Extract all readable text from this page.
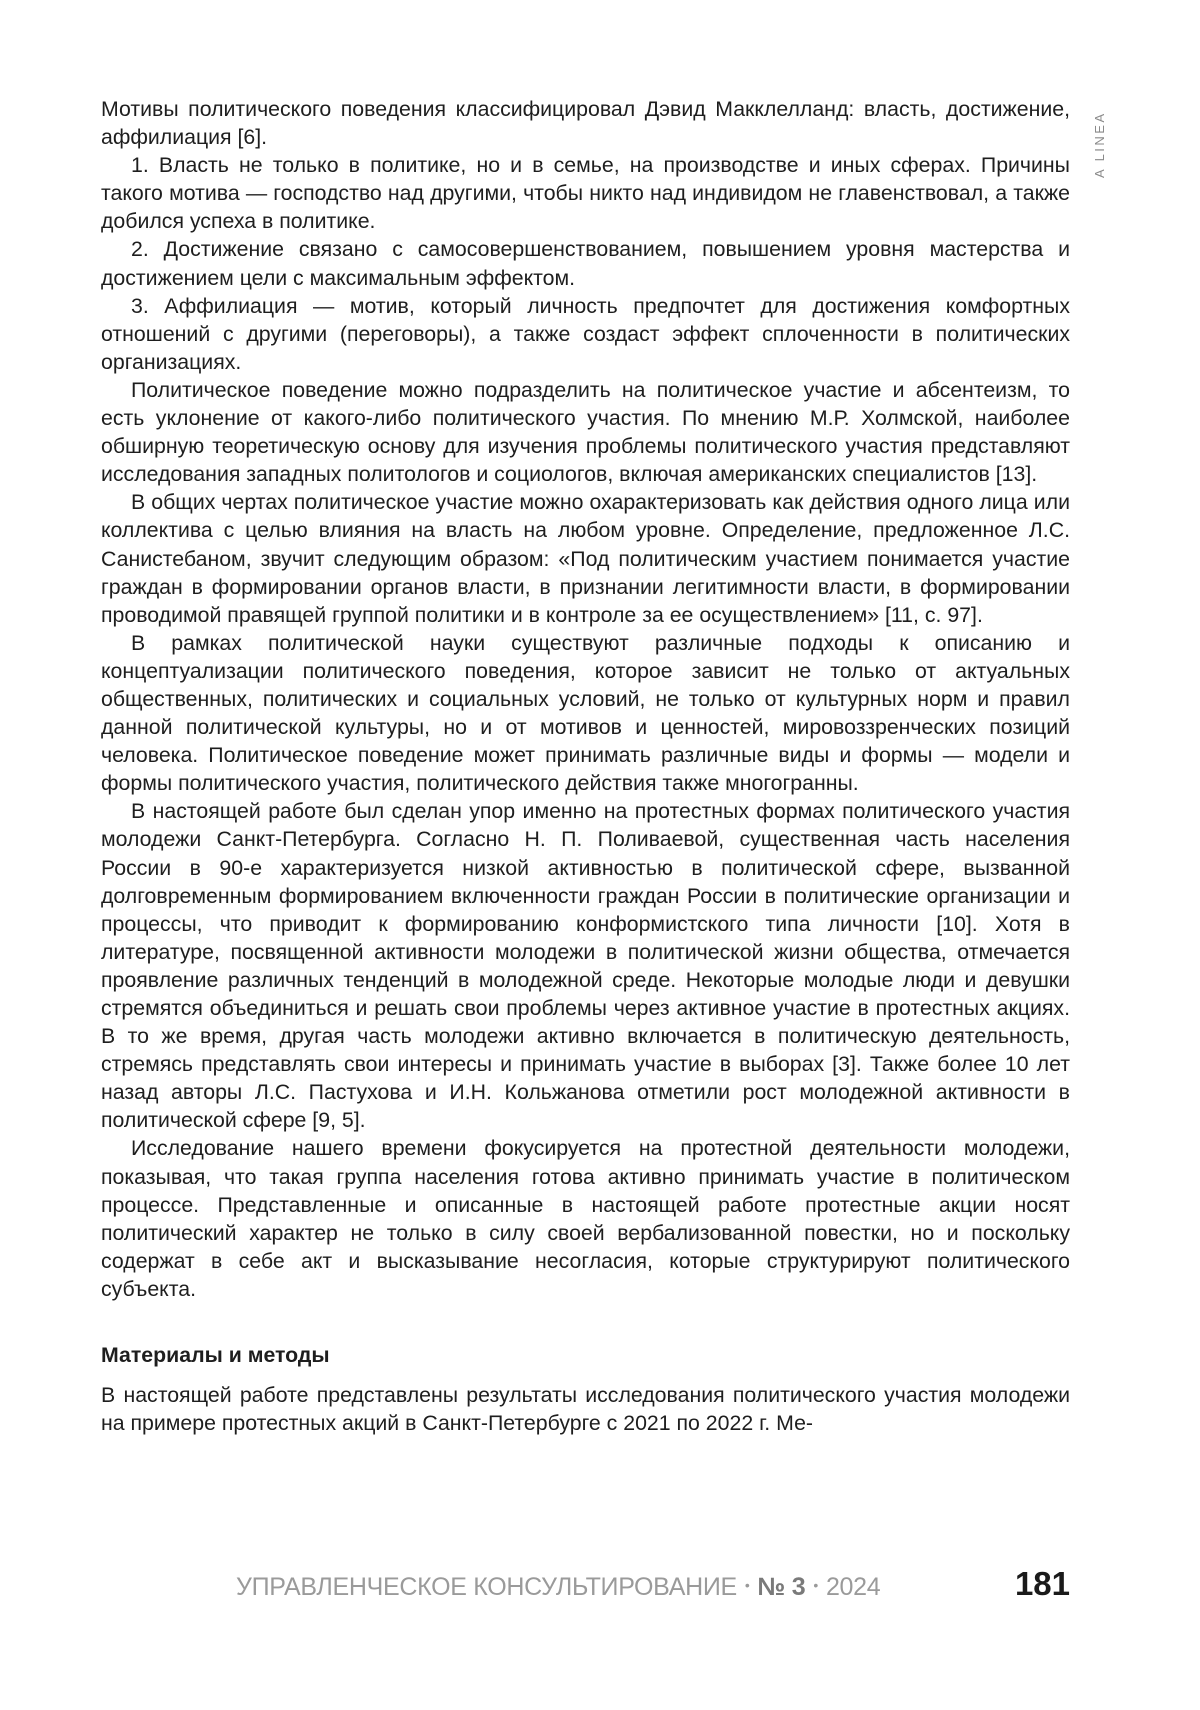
A LINEA

Мотивы политического поведения классифицировал Дэвид Макклелланд: власть, достижение, аффилиация [6].

1. Власть не только в политике, но и в семье, на производстве и иных сферах. Причины такого мотива — господство над другими, чтобы никто над индивидом не главенствовал, а также добился успеха в политике.

2. Достижение связано с самосовершенствованием, повышением уровня мастерства и достижением цели с максимальным эффектом.

3. Аффилиация — мотив, который личность предпочтет для достижения комфортных отношений с другими (переговоры), а также создаст эффект сплоченности в политических организациях.

Политическое поведение можно подразделить на политическое участие и абсентеизм, то есть уклонение от какого-либо политического участия. По мнению М.Р. Холмской, наиболее обширную теоретическую основу для изучения проблемы политического участия представляют исследования западных политологов и социологов, включая американских специалистов [13].

В общих чертах политическое участие можно охарактеризовать как действия одного лица или коллектива с целью влияния на власть на любом уровне. Определение, предложенное Л.С. Санистебаном, звучит следующим образом: «Под политическим участием понимается участие граждан в формировании органов власти, в признании легитимности власти, в формировании проводимой правящей группой политики и в контроле за ее осуществлением» [11, с. 97].

В рамках политической науки существуют различные подходы к описанию и концептуализации политического поведения, которое зависит не только от актуальных общественных, политических и социальных условий, не только от культурных норм и правил данной политической культуры, но и от мотивов и ценностей, мировоззренческих позиций человека. Политическое поведение может принимать различные виды и формы — модели и формы политического участия, политического действия также многогранны.

В настоящей работе был сделан упор именно на протестных формах политического участия молодежи Санкт-Петербурга. Согласно Н. П. Поливаевой, существенная часть населения России в 90-е характеризуется низкой активностью в политической сфере, вызванной долговременным формированием включенности граждан России в политические организации и процессы, что приводит к формированию конформистского типа личности [10]. Хотя в литературе, посвященной активности молодежи в политической жизни общества, отмечается проявление различных тенденций в молодежной среде. Некоторые молодые люди и девушки стремятся объединиться и решать свои проблемы через активное участие в протестных акциях. В то же время, другая часть молодежи активно включается в политическую деятельность, стремясь представлять свои интересы и принимать участие в выборах [3]. Также более 10 лет назад авторы Л.С. Пастухова и И.Н. Кольжанова отметили рост молодежной активности в политической сфере [9, 5].

Исследование нашего времени фокусируется на протестной деятельности молодежи, показывая, что такая группа населения готова активно принимать участие в политическом процессе. Представленные и описанные в настоящей работе протестные акции носят политический характер не только в силу своей вербализованной повестки, но и поскольку содержат в себе акт и высказывание несогласия, которые структурируют политического субъекта.

Материалы и методы

В настоящей работе представлены результаты исследования политического участия молодежи на примере протестных акций в Санкт-Петербурге с 2021 по 2022 г. Ме-

УПРАВЛЕНЧЕСКОЕ КОНСУЛЬТИРОВАНИЕ • № 3 • 2024	181
